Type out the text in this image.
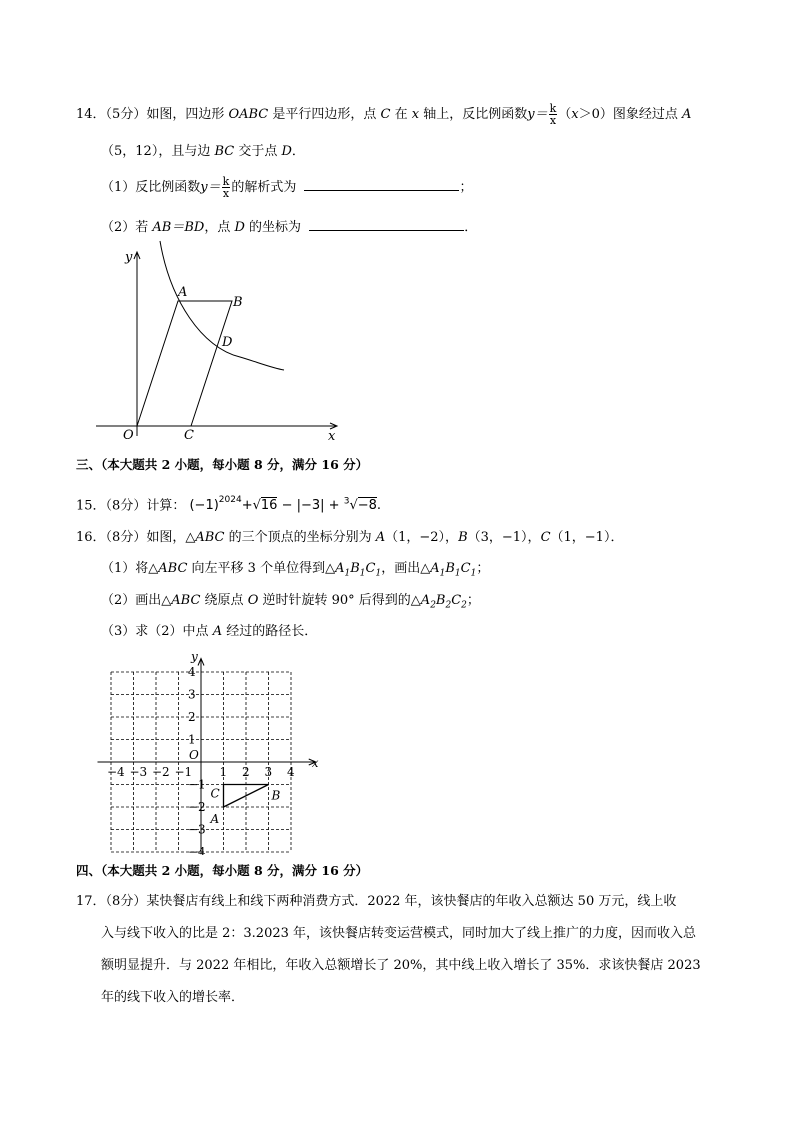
14．（5分）如图，四边形 OABC 是平行四边形，点 C 在 x 轴上，反比例函数$y= \frac{k}{x} (x>0)$图象经过点 A
（5，12），且与边 BC 交于点 D．
（1）反比例函数$y= \frac{k}{x}$ 的解析式为	；
（2）若 AB＝BD，点 D 的坐标为	．
y
x
O	C
A
B
D
三、（本大题共 2 小题，每小题 8 分，满分 16 分）
15．（8分）计算： $(-1)^{2024}+√16 - |-3| + ^3√-8$.
16．（8分）如图，△ABC 的三个顶点的坐标分别为 A（1，−2），B（3，−1），C（1，−1）．
（1）将△ABC 向左平移 3 个单位得到$\triangle A_1B_1C_1$，画出$\triangle A_1B_1C_1$；
（2）画出△ABC 绕原点 O 逆时针旋转 90° 后得到的$\triangle A_2B_2C_2$；
（3）求（2）中点 A 经过的路径长．
−4 −3 −2 −1 1 2 3 4
4
3
2
1
−1
−2
−3
−4
O
x
y
A
B
C
四、（本大题共 2 小题，每小题 8 分，满分 16 分）
17．（8分）某快餐店有线上和线下两种消费方式．2022 年，该快餐店的年收入总额达 50 万元，线上收
入与线下收入的比是 2：3.2023 年，该快餐店转变运营模式，同时加大了线上推广的力度，因而收入总
额明显提升．与 2022 年相比，年收入总额增长了 20%，其中线上收入增长了 35%．求该快餐店 2023
年的线下收入的增长率．
